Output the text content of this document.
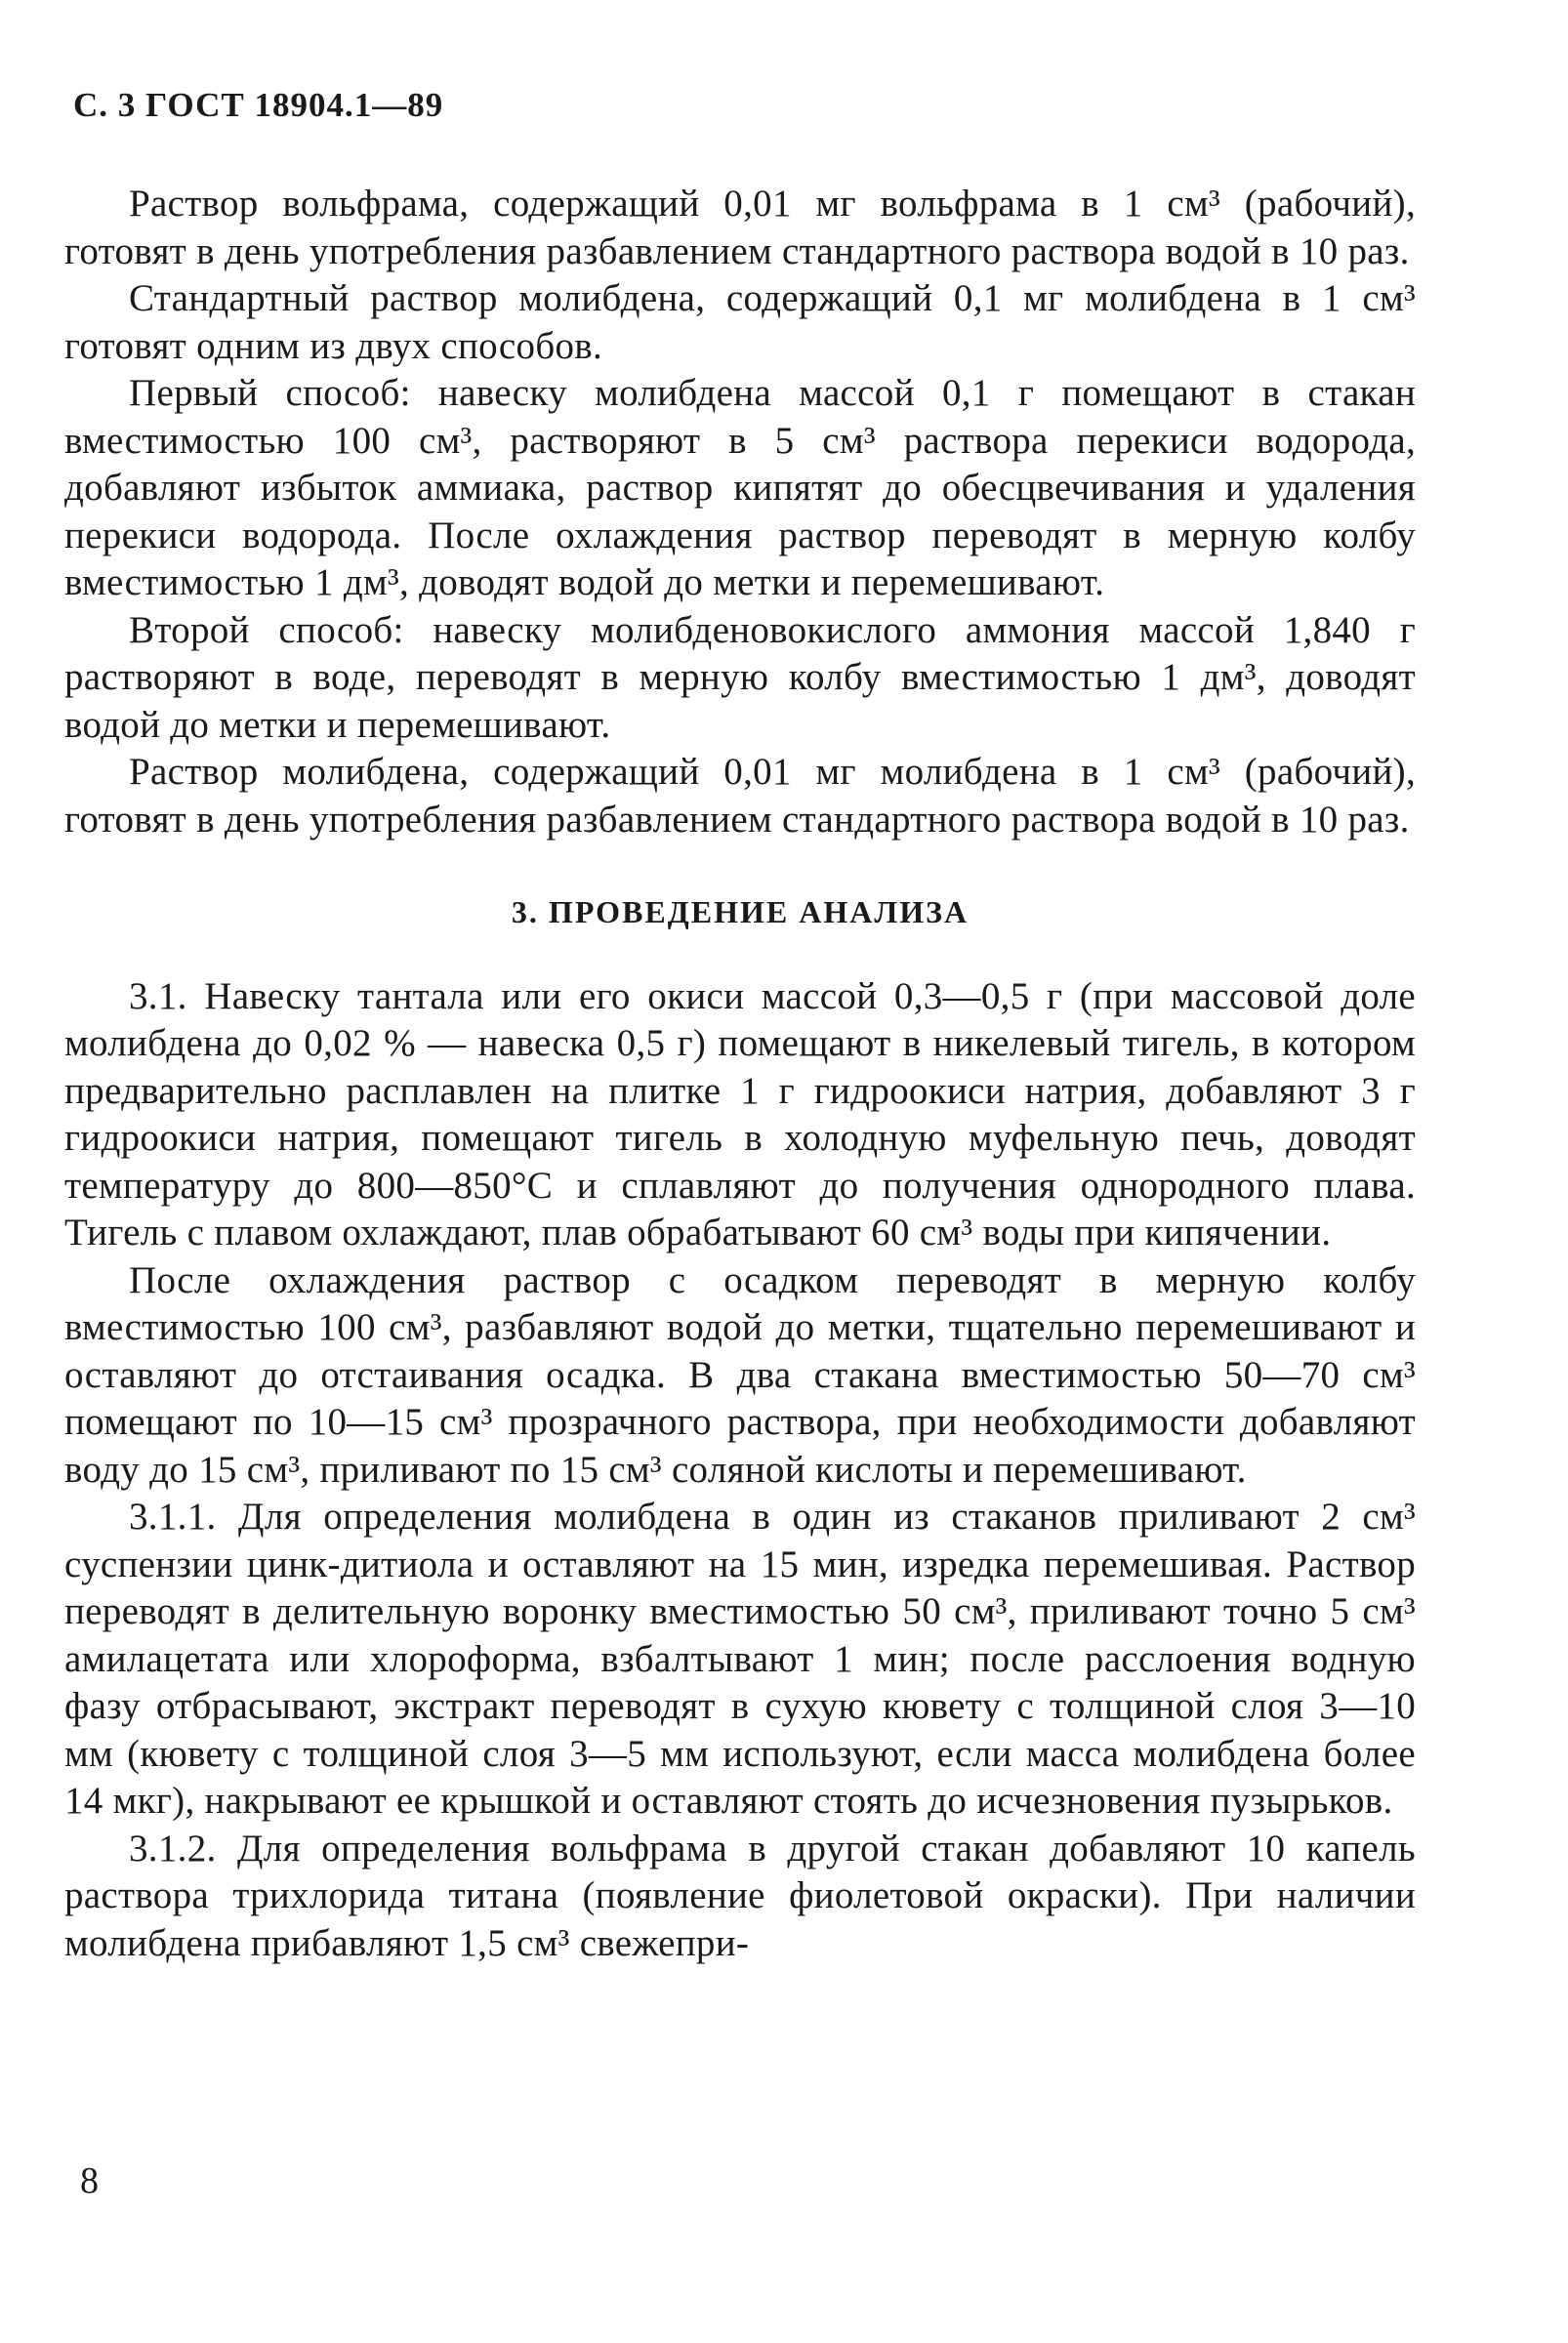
С. 3 ГОСТ 18904.1—89

Раствор вольфрама, содержащий 0,01 мг вольфрама в 1 см³ (рабочий), готовят в день употребления разбавлением стандартного раствора водой в 10 раз.

Стандартный раствор молибдена, содержащий 0,1 мг молибдена в 1 см³ готовят одним из двух способов.

Первый способ: навеску молибдена массой 0,1 г помещают в стакан вместимостью 100 см³, растворяют в 5 см³ раствора перекиси водорода, добавляют избыток аммиака, раствор кипятят до обесцвечивания и удаления перекиси водорода. После охлаждения раствор переводят в мерную колбу вместимостью 1 дм³, доводят водой до метки и перемешивают.

Второй способ: навеску молибденовокислого аммония массой 1,840 г растворяют в воде, переводят в мерную колбу вместимостью 1 дм³, доводят водой до метки и перемешивают.

Раствор молибдена, содержащий 0,01 мг молибдена в 1 см³ (рабочий), готовят в день употребления разбавлением стандартного раствора водой в 10 раз.

3. ПРОВЕДЕНИЕ АНАЛИЗА

3.1. Навеску тантала или его окиси массой 0,3—0,5 г (при массовой доле молибдена до 0,02 % — навеска 0,5 г) помещают в никелевый тигель, в котором предварительно расплавлен на плитке 1 г гидроокиси натрия, добавляют 3 г гидроокиси натрия, помещают тигель в холодную муфельную печь, доводят температуру до 800—850°С и сплавляют до получения однородного плава. Тигель с плавом охлаждают, плав обрабатывают 60 см³ воды при кипячении.

После охлаждения раствор с осадком переводят в мерную колбу вместимостью 100 см³, разбавляют водой до метки, тщательно перемешивают и оставляют до отстаивания осадка. В два стакана вместимостью 50—70 см³ помещают по 10—15 см³ прозрачного раствора, при необходимости добавляют воду до 15 см³, приливают по 15 см³ соляной кислоты и перемешивают.

3.1.1. Для определения молибдена в один из стаканов приливают 2 см³ суспензии цинк-дитиола и оставляют на 15 мин, изредка перемешивая. Раствор переводят в делительную воронку вместимостью 50 см³, приливают точно 5 см³ амилацетата или хлороформа, взбалтывают 1 мин; после расслоения водную фазу отбрасывают, экстракт переводят в сухую кювету с толщиной слоя 3—10 мм (кювету с толщиной слоя 3—5 мм используют, если масса молибдена более 14 мкг), накрывают ее крышкой и оставляют стоять до исчезновения пузырьков.

3.1.2. Для определения вольфрама в другой стакан добавляют 10 капель раствора трихлорида титана (появление фиолетовой окраски). При наличии молибдена прибавляют 1,5 см³ свежепри-

8
